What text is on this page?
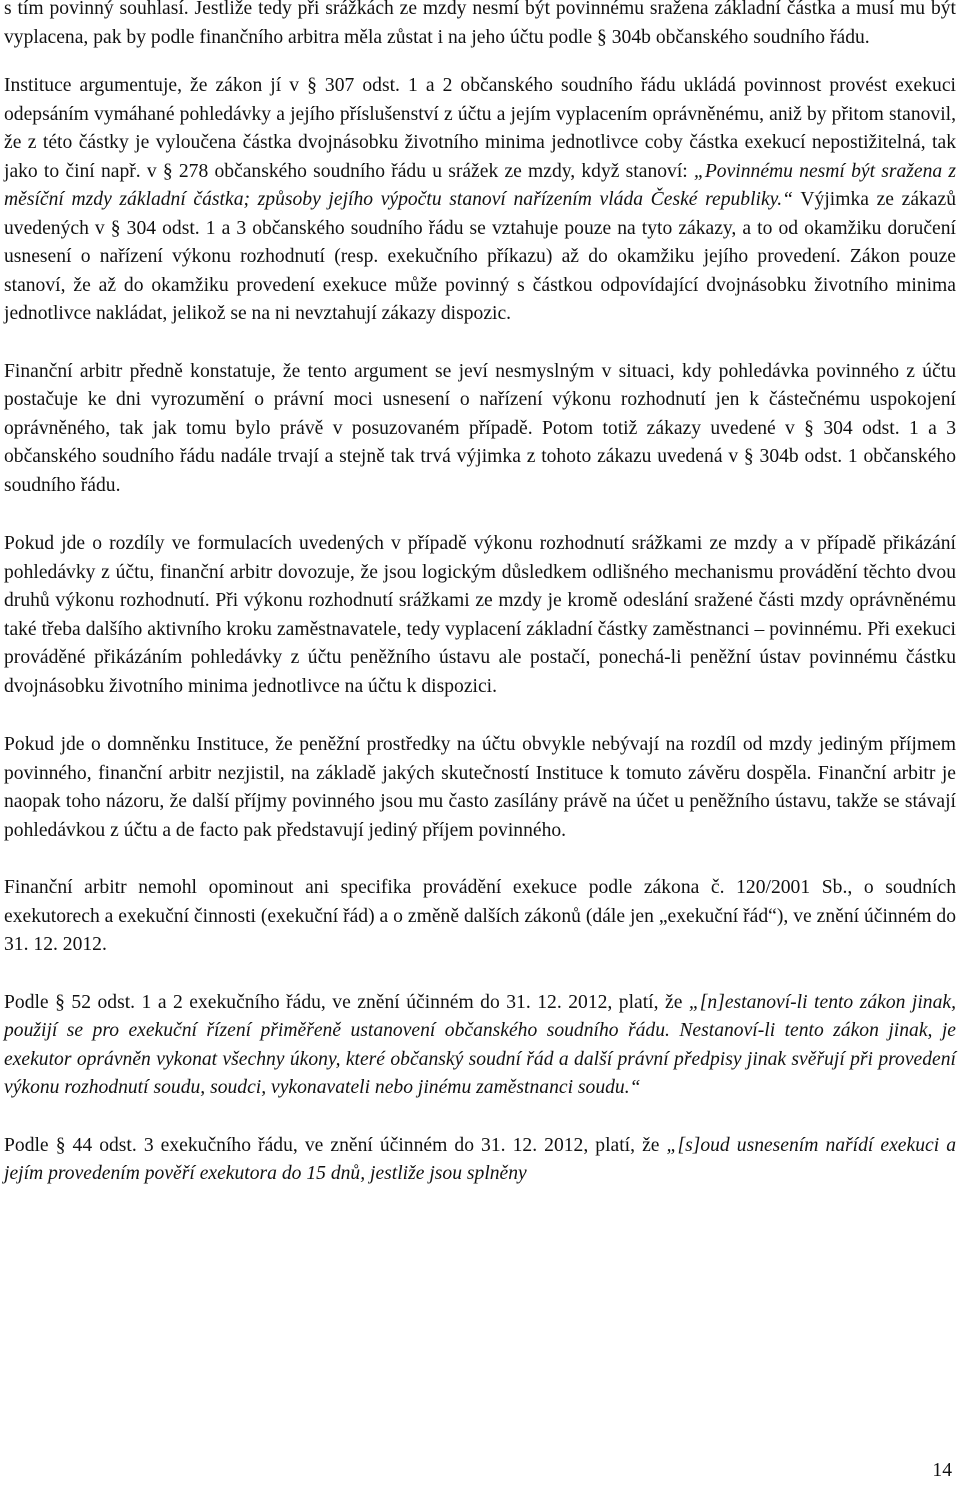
s tím povinný souhlasí. Jestliže tedy při srážkách ze mzdy nesmí být povinnému sražena základní částka a musí mu být vyplacena, pak by podle finančního arbitra měla zůstat i na jeho účtu podle § 304b občanského soudního řádu.

Instituce argumentuje, že zákon jí v § 307 odst. 1 a 2 občanského soudního řádu ukládá povinnost provést exekuci odepsáním vymáhané pohledávky a jejího příslušenství z účtu a jejím vyplacením oprávněnému, aniž by přitom stanovil, že z této částky je vyloučena částka dvojnásobku životního minima jednotlivce coby částka exekucí nepostižitelná, tak jako to činí např. v § 278 občanského soudního řádu u srážek ze mzdy, když stanoví: „Povinnému nesmí být sražena z měsíční mzdy základní částka; způsoby jejího výpočtu stanoví nařízením vláda České republiky.“ Výjimka ze zákazů uvedených v § 304 odst. 1 a 3 občanského soudního řádu se vztahuje pouze na tyto zákazy, a to od okamžiku doručení usnesení o nařízení výkonu rozhodnutí (resp. exekučního příkazu) až do okamžiku jejího provedení. Zákon pouze stanoví, že až do okamžiku provedení exekuce může povinný s částkou odpovídající dvojnásobku životního minima jednotlivce nakládat, jelikož se na ni nevztahují zákazy dispozic.

Finanční arbitr předně konstatuje, že tento argument se jeví nesmyslným v situaci, kdy pohledávka povinného z účtu postačuje ke dni vyrozumění o právní moci usnesení o nařízení výkonu rozhodnutí jen k částečnému uspokojení oprávněného, tak jak tomu bylo právě v posuzovaném případě. Potom totiž zákazy uvedené v § 304 odst. 1 a 3 občanského soudního řádu nadále trvají a stejně tak trvá výjimka z tohoto zákazu uvedená v § 304b odst. 1 občanského soudního řádu.

Pokud jde o rozdíly ve formulacích uvedených v případě výkonu rozhodnutí srážkami ze mzdy a v případě přikázání pohledávky z účtu, finanční arbitr dovozuje, že jsou logickým důsledkem odlišného mechanismu provádění těchto dvou druhů výkonu rozhodnutí. Při výkonu rozhodnutí srážkami ze mzdy je kromě odeslání sražené části mzdy oprávněnému také třeba dalšího aktivního kroku zaměstnavatele, tedy vyplacení základní částky zaměstnanci – povinnému. Při exekuci prováděné přikázáním pohledávky z účtu peněžního ústavu ale postačí, ponechá-li peněžní ústav povinnému částku dvojnásobku životního minima jednotlivce na účtu k dispozici.

Pokud jde o domněnku Instituce, že peněžní prostředky na účtu obvykle nebývají na rozdíl od mzdy jediným příjmem povinného, finanční arbitr nezjistil, na základě jakých skutečností Instituce k tomuto závěru dospěla. Finanční arbitr je naopak toho názoru, že další příjmy povinného jsou mu často zasílány právě na účet u peněžního ústavu, takže se stávají pohledávkou z účtu a de facto pak představují jediný příjem povinného.

Finanční arbitr nemohl opominout ani specifika provádění exekuce podle zákona č. 120/2001 Sb., o soudních exekutorech a exekuční činnosti (exekuční řád) a o změně dalších zákonů (dále jen „exekuční řád“), ve znění účinném do 31. 12. 2012.

Podle § 52 odst. 1 a 2 exekučního řádu, ve znění účinném do 31. 12. 2012, platí, že „[n]estanoví-li tento zákon jinak, použijí se pro exekuční řízení přiměřeně ustanovení občanského soudního řádu. Nestanoví-li tento zákon jinak, je exekutor oprávněn vykonat všechny úkony, které občanský soudní řád a další právní předpisy jinak svěřují při provedení výkonu rozhodnutí soudu, soudci, vykonavateli nebo jinému zaměstnanci soudu.“

Podle § 44 odst. 3 exekučního řádu, ve znění účinném do 31. 12. 2012, platí, že „[s]oud usnesením nařídí exekuci a jejím provedením pověří exekutora do 15 dnů, jestliže jsou splněny

14
